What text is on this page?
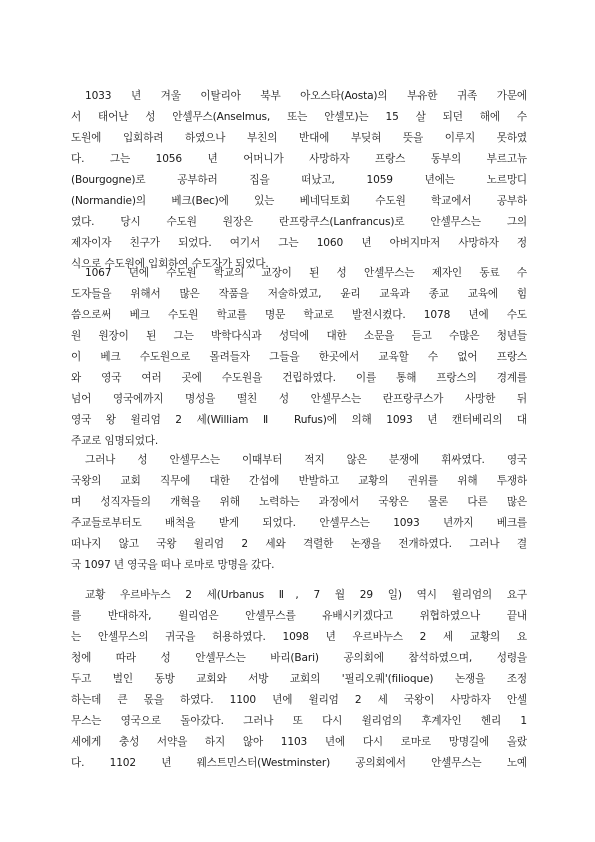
1033 년 겨울 이탈리아 북부 아오스타(Aosta)의 부유한 귀족 가문에
서 태어난 성 안셀무스(Anselmus, 또는 안셀모)는 15 살 되던 해에 수
도원에 입회하려 하였으나 부친의 반대에 부딪혀 뜻을 이루지 못하였
다. 그는 1056 년 어머니가 사망하자 프랑스 동부의 부르고뉴
(Bourgogne)로 공부하러 집을 떠났고, 1059 년에는 노르망디
(Normandie)의 베크(Bec)에 있는 베네딕토회 수도원 학교에서 공부하
였다. 당시 수도원 원장은 란프랑쿠스(Lanfrancus)로 안셀무스는 그의
제자이자 친구가 되었다. 여기서 그는 1060 년 아버지마저 사망하자 정
식으로 수도원에 입회하여 수도자가 되었다.
1067 년에 수도원 학교의 교장이 된 성 안셀무스는 제자인 동료 수
도자들을 위해서 많은 작품을 저술하였고, 윤리 교육과 종교 교육에 힘
씀으로써 베크 수도원 학교를 명문 학교로 발전시켰다. 1078 년에 수도
원 원장이 된 그는 박학다식과 성덕에 대한 소문을 듣고 수많은 청년들
이 베크 수도원으로 몰려들자 그들을 한곳에서 교육할 수 없어 프랑스
와 영국 여러 곳에 수도원을 건립하였다. 이를 통해 프랑스의 경계를
넘어 영국에까지 명성을 떨친 성 안셀무스는 란프랑쿠스가 사망한 뒤
영국 왕 윌리엄 2 세(William Ⅱ Rufus)에 의해 1093 년 캔터베리의 대
주교로 임명되었다.
그러나 성 안셀무스는 이때부터 적지 않은 분쟁에 휘싸였다. 영국
국왕의 교회 직무에 대한 간섭에 반발하고 교황의 권위를 위해 투쟁하
며 성직자들의 개혁을 위해 노력하는 과정에서 국왕은 물론 다른 많은
주교들로부터도 배척을 받게 되었다. 안셀무스는 1093 년까지 베크를
떠나지 않고 국왕 윌리엄 2 세와 격렬한 논쟁을 전개하였다. 그러나 결
국 1097 년 영국을 떠나 로마로 망명을 갔다.
교황 우르바누스 2 세(Urbanus Ⅱ, 7 월 29 일) 역시 윌리엄의 요구
를 반대하자, 윌리엄은 안셀무스를 유배시키겠다고 위협하였으나 끝내
는 안셀무스의 귀국을 허용하였다. 1098 년 우르바누스 2 세 교황의 요
청에 따라 성 안셀무스는 바리(Bari) 공의회에 참석하였으며, 성령을
두고 벌인 동방 교회와 서방 교회의 '필리오퀘'(filioque) 논쟁을 조정
하는데 큰 몫을 하였다. 1100 년에 윌리엄 2 세 국왕이 사망하자 안셀
무스는 영국으로 돌아갔다. 그러나 또 다시 윌리엄의 후계자인 헨리 1
세에게 충성 서약을 하지 않아 1103 년에 다시 로마로 망명길에 올랐
다. 1102 년 웨스트민스터(Westminster) 공의회에서 안셀무스는 노예
